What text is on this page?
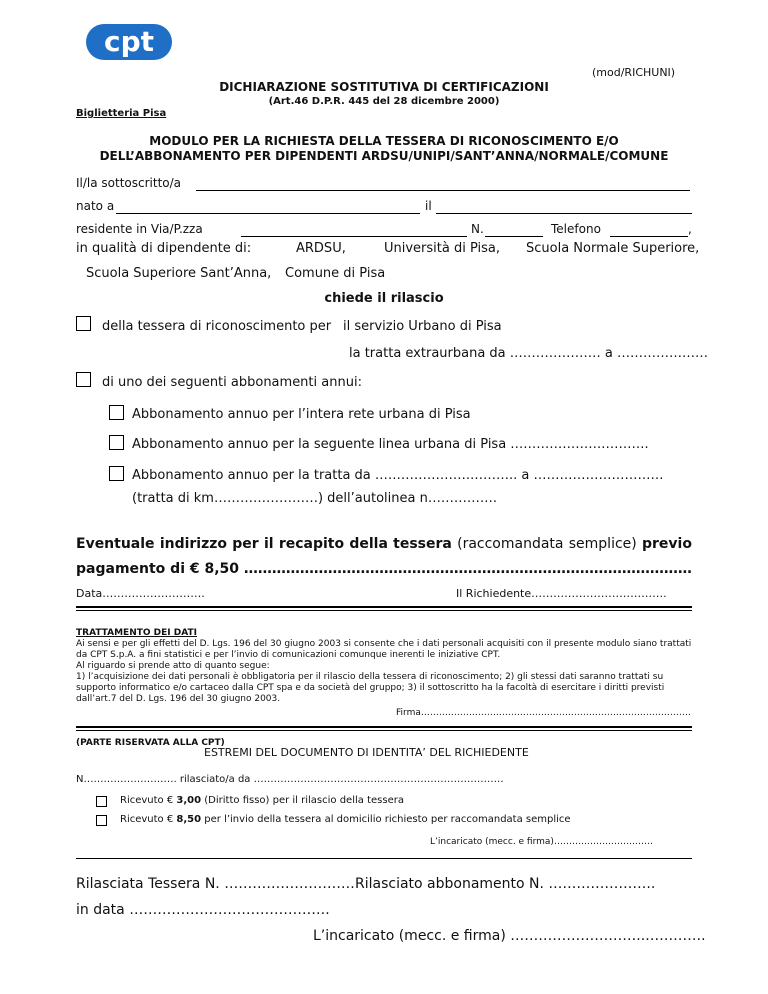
cpt
(mod/RICHUNI)
DICHIARAZIONE SOSTITUTIVA DI CERTIFICAZIONI
(Art.46 D.P.R. 445 del 28 dicembre 2000)
Biglietteria Pisa
MODULO PER LA RICHIESTA DELLA TESSERA DI RICONOSCIMENTO E/O
DELL’ABBONAMENTO PER DIPENDENTI ARDSU/UNIPI/SANT’ANNA/NORMALE/COMUNE
Il/la sottoscritto/a
nato a	il
residente in Via/P.zza	N.	Telefono	,
in qualità di dipendente di:	ARDSU,	Università di Pisa, Scuola Normale Superiore,
Scuola Superiore Sant’Anna, Comune di Pisa
chiede il rilascio
della tessera di riconoscimento per il servizio Urbano di Pisa
la tratta extraurbana da ………………… a …………………
di uno dei seguenti abbonamenti annui:
Abbonamento annuo per l’intera rete urbana di Pisa
Abbonamento annuo per la seguente linea urbana di Pisa ………………….……….
Abbonamento annuo per la tratta da ………………….……….. a …………………………
(tratta di km……………………) dell’autolinea n…………….
Eventuale indirizzo per il recapito della tessera (raccomandata semplice) previo
pagamento di € 8,50 ……………………………………………………………………………………
Data……………………….	Il Richiedente……………………………….
TRATTAMENTO DEI DATI
Ai sensi e per gli effetti del D. Lgs. 196 del 30 giugno 2003 si consente che i dati personali acquisiti con il presente modulo siano trattati
da CPT S.p.A. a fini statistici e per l’invio di comunicazioni comunque inerenti le iniziative CPT.
Al riguardo si prende atto di quanto segue:
1) l’acquisizione dei dati personali è obbligatoria per il rilascio della tessera di riconoscimento; 2) gli stessi dati saranno trattati su
supporto informatico e/o cartaceo dalla CPT spa e da società del gruppo; 3) il sottoscritto ha la facoltà di esercitare i diritti previsti
dall’art.7 del D. Lgs. 196 del 30 giugno 2003.
Firma………………………………………………………………………………
(PARTE RISERVATA ALLA CPT)
ESTREMI DEL DOCUMENTO DI IDENTITA’ DEL RICHIEDENTE
N………………………. rilasciato/a da …………………………………………………………………
Ricevuto € 3,00 (Diritto fisso) per il rilascio della tessera
Ricevuto € 8,50 per l’invio della tessera al domicilio richiesto per raccomandata semplice
L’incaricato (mecc. e firma)……………………………
Rilasciata Tessera N. ………………………. Rilasciato abbonamento N. …………………..
in data …………………………………….
L’incaricato (mecc. e firma) ………………………..………….
